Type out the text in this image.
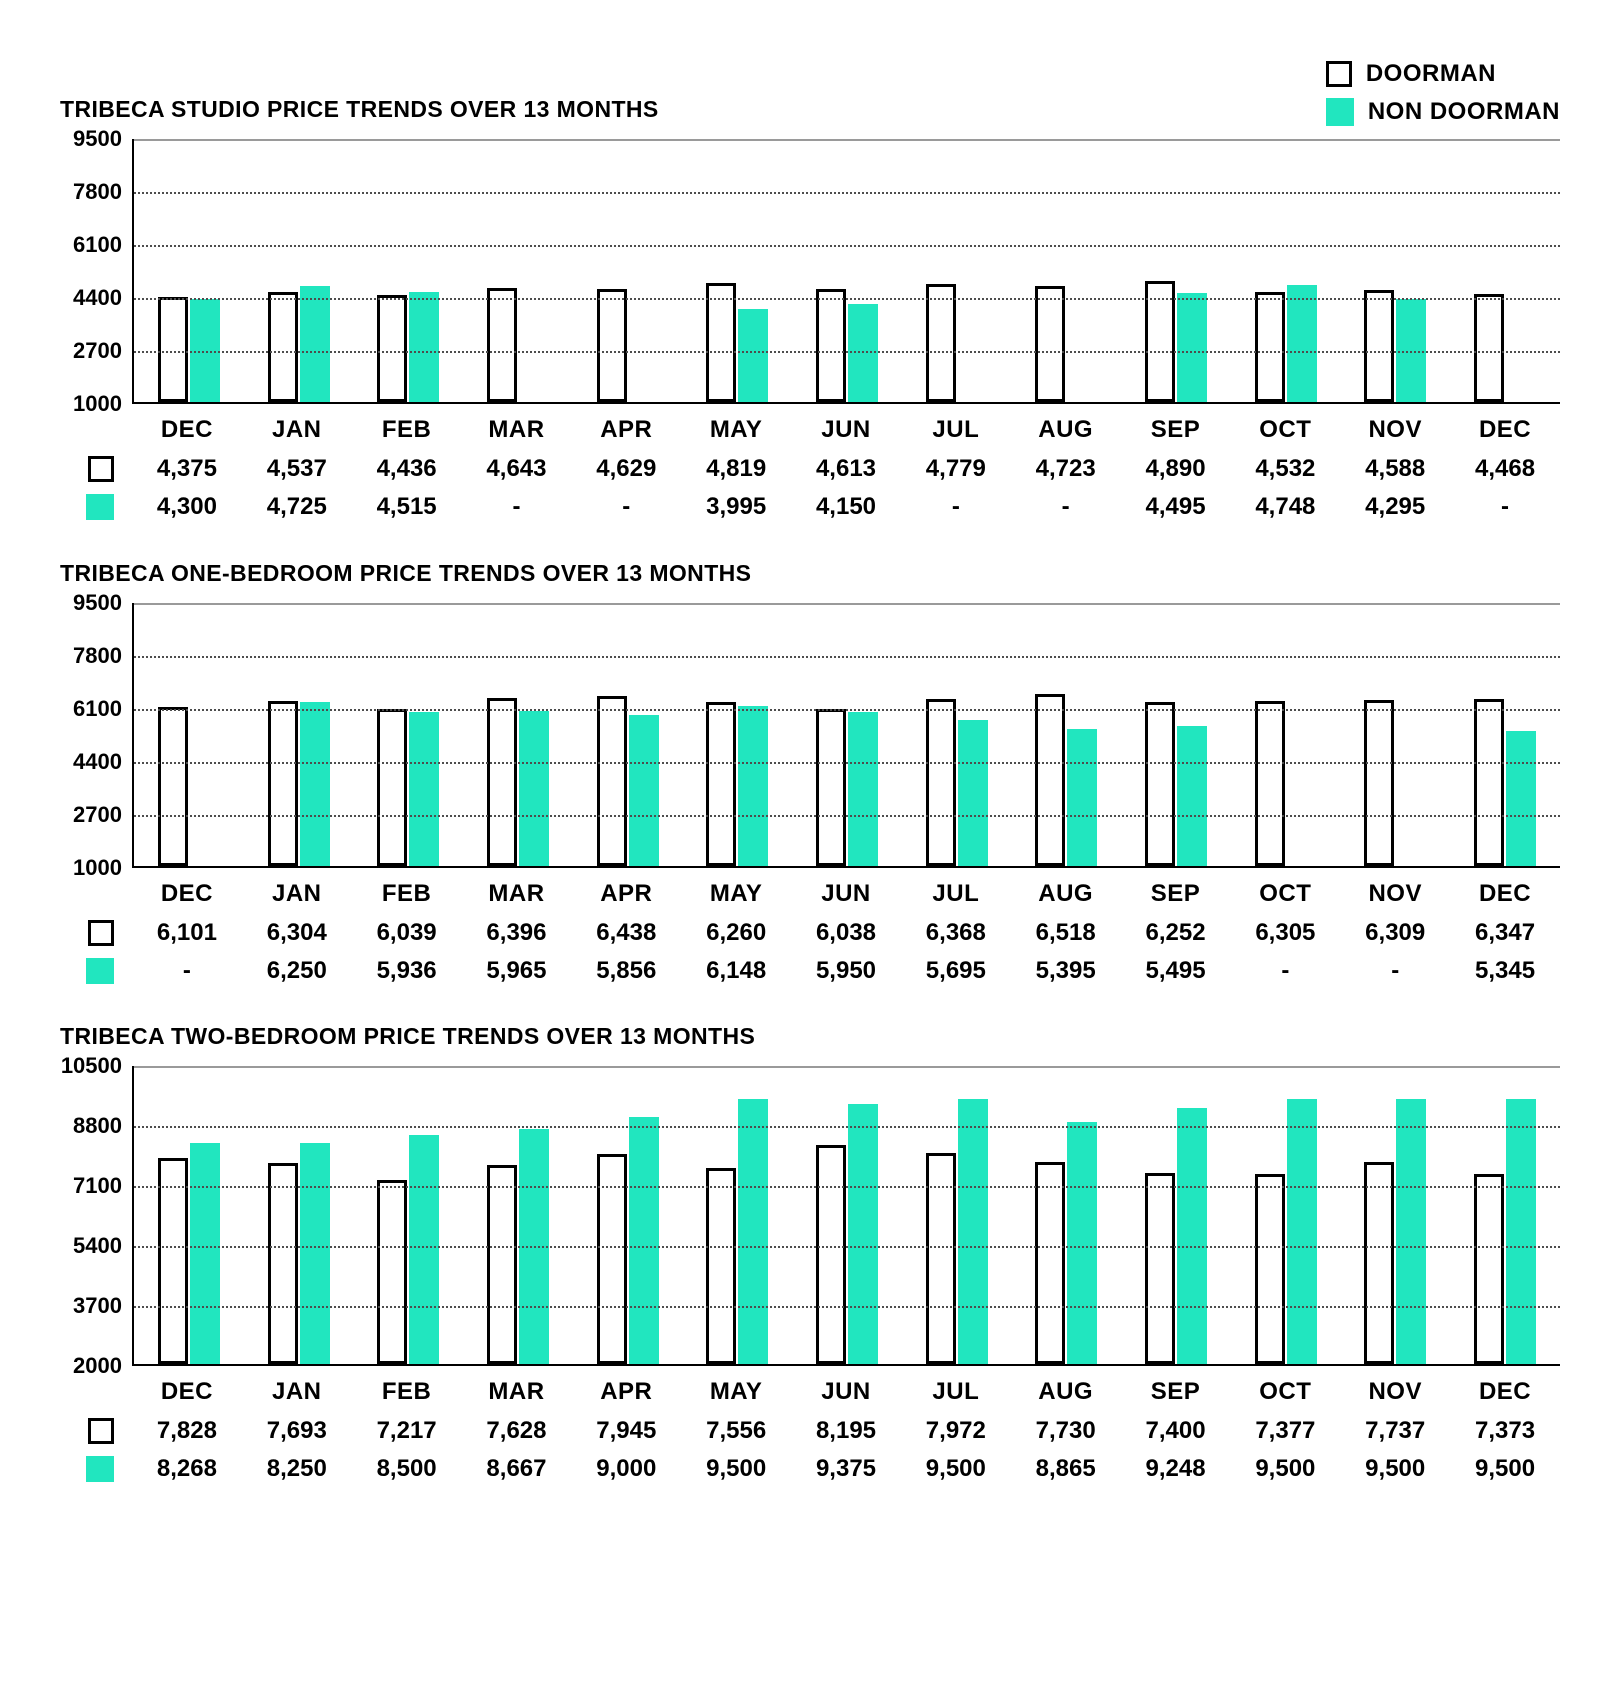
DOORMAN
NON DOORMAN
TRIBECA STUDIO PRICE TRENDS OVER 13 MONTHS
1000
2700
4400
6100
7800
9500
DEC
4,375
4,300
JAN
4,537
4,725
FEB
4,436
4,515
MAR
4,643
-
APR
4,629
-
MAY
4,819
3,995
JUN
4,613
4,150
JUL
4,779
-
AUG
4,723
-
SEP
4,890
4,495
OCT
4,532
4,748
NOV
4,588
4,295
DEC
4,468
-
TRIBECA ONE-BEDROOM PRICE TRENDS OVER 13 MONTHS
1000
2700
4400
6100
7800
9500
DEC
6,101
-
JAN
6,304
6,250
FEB
6,039
5,936
MAR
6,396
5,965
APR
6,438
5,856
MAY
6,260
6,148
JUN
6,038
5,950
JUL
6,368
5,695
AUG
6,518
5,395
SEP
6,252
5,495
OCT
6,305
-
NOV
6,309
-
DEC
6,347
5,345
TRIBECA TWO-BEDROOM PRICE TRENDS OVER 13 MONTHS
2000
3700
5400
7100
8800
10500
DEC
7,828
8,268
JAN
7,693
8,250
FEB
7,217
8,500
MAR
7,628
8,667
APR
7,945
9,000
MAY
7,556
9,500
JUN
8,195
9,375
JUL
7,972
9,500
AUG
7,730
8,865
SEP
7,400
9,248
OCT
7,377
9,500
NOV
7,737
9,500
DEC
7,373
9,500
